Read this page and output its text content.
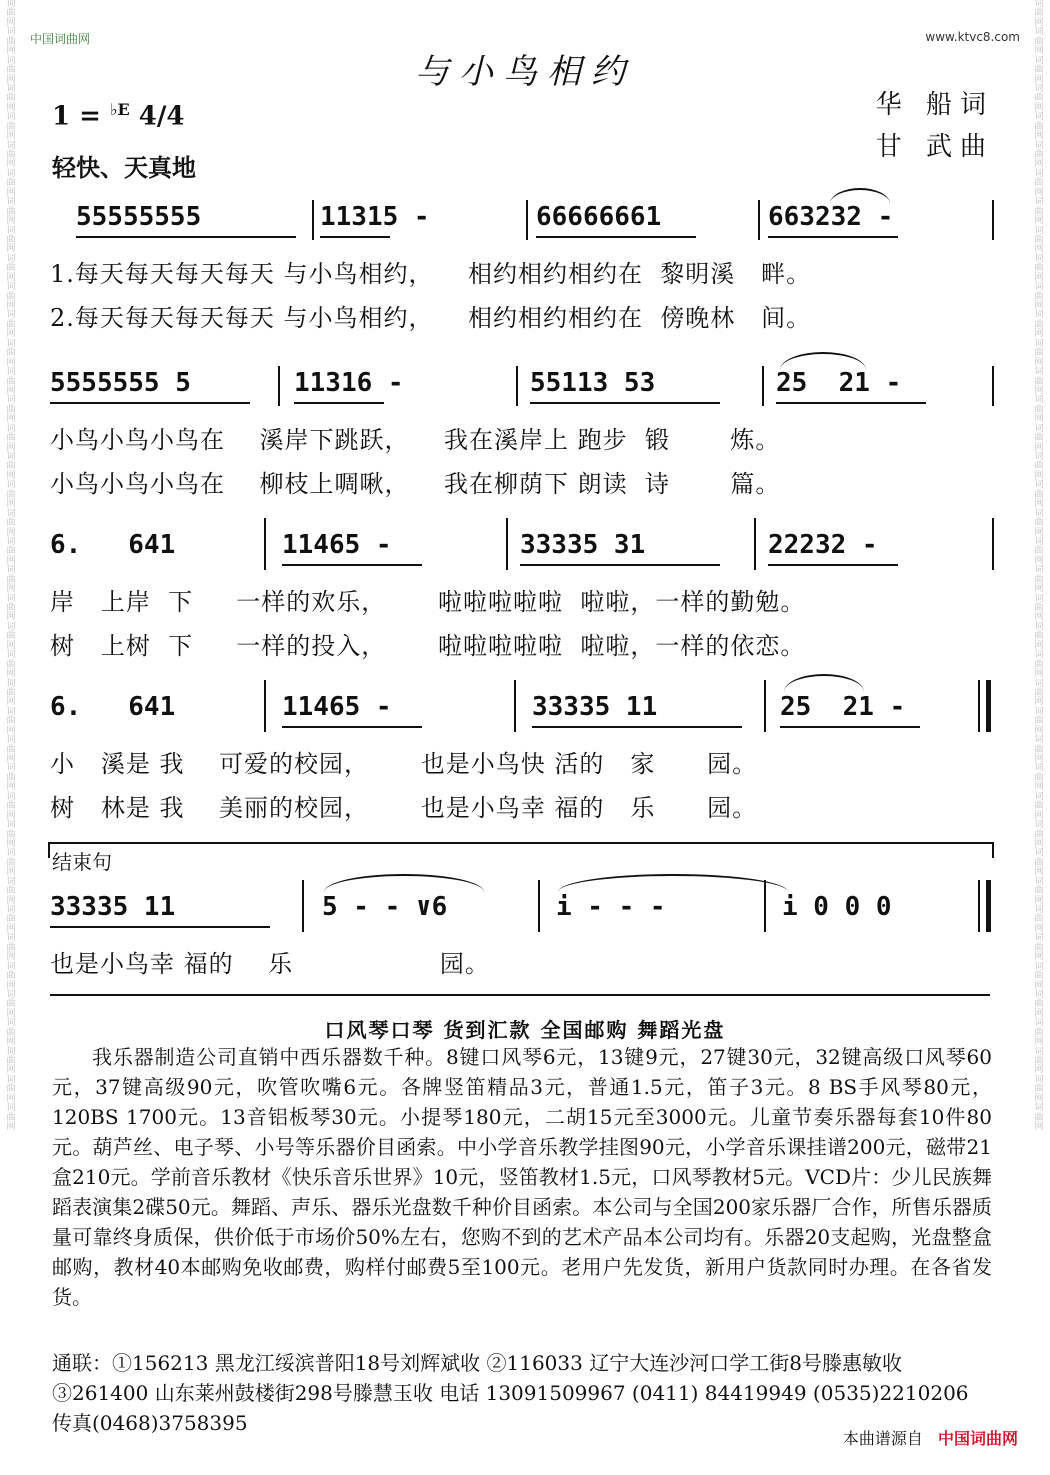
词
曲
网
词
曲
网
词
曲
网
词
曲
网
词
曲
网
词
曲
网
词
曲
网
词
曲
网
词
曲
网
词
曲
网
词
曲
网
词
曲
网
词
曲
网
词
曲
网
词
曲
网
词
曲
网
词
曲
网
词
曲
网
词
曲
网
词
曲
网
词
曲
网
词
曲
网
词
曲
网
词
曲
网
词
曲
网
词
曲
网
词
曲
网
词
曲
网
词
曲
网
词
曲
网
词
曲
网
词
曲
网
词
曲
网
词
曲
网
词
曲
网
词
曲
网
词
曲
网
词
曲
网
词
曲
网
词
曲
网
词
曲
网
词
曲
网
词
曲
网
词
曲
网
词
曲
网
词
曲
网
词
曲
网
词
曲
网
词
曲
网
词
曲
网
词
曲
网
词
曲
网
词
曲
网
词
曲
网
词
曲
网
词
曲
网
词
曲
网
词
曲
网
词
曲
网
词
曲
网
词
曲
网
词
曲
网
词
曲
网
词
曲
网
词
曲
网
词
曲
网
词
曲
网
词
曲
网
词
曲
网
词
曲
网
词
曲
网
词
曲
网
词
曲
网
词
曲
网
词
曲
网
词
曲
网
词
曲
网
词
曲
网
词
曲
网
词
曲
网
中国词曲网	www.ktvc8.com
与小鸟相约
1 = $^{♭E}$ 4/4
轻快、天真地
华 船词
甘 武曲
55555555	11315 -	66666661	663232 -
1.每天每天每天每天 与小鸟相约，    相约相约相约在  黎明溪   畔。
2.每天每天每天每天 与小鸟相约，    相约相约相约在  傍晚林   间。
5555555 5	11316 -	55113 53	25  21 -
小鸟小鸟小鸟在    溪岸下跳跃，    我在溪岸上 跑步  锻       炼。
小鸟小鸟小鸟在    柳枝上啁啾，    我在柳荫下 朗读  诗       篇。
6.   641	11465 -	33335 31	22232 -
岸   上岸  下     一样的欢乐，      啦啦啦啦啦  啦啦，一样的勤勉。
树   上树  下     一样的投入，      啦啦啦啦啦  啦啦，一样的依恋。
6.   641	11465 -	33335 11	25  21 -
小   溪是 我    可爱的校园，      也是小鸟快 活的   家      园。
树   林是 我    美丽的校园，      也是小鸟幸 福的   乐      园。
结束句
33335 11	5 - - ∨6	i - - -	i 0 0 0
也是小鸟幸 福的    乐                 园。
口风琴口琴 货到汇款 全国邮购 舞蹈光盘
我乐器制造公司直销中西乐器数千种。8键口风琴6元，13键9元，27键30元，32键高级口风琴60元，37键高级90元，吹管吹嘴6元。各牌竖笛精品3元，普通1.5元，笛子3元。8 BS手风琴80元，120BS 1700元。13音铝板琴30元。小提琴180元，二胡15元至3000元。儿童节奏乐器每套10件80元。葫芦丝、电子琴、小号等乐器价目函索。中小学音乐教学挂图90元，小学音乐课挂谱200元，磁带21盒210元。学前音乐教材《快乐音乐世界》10元，竖笛教材1.5元，口风琴教材5元。VCD片：少儿民族舞蹈表演集2碟50元。舞蹈、声乐、器乐光盘数千种价目函索。本公司与全国200家乐器厂合作，所售乐器质量可靠终身质保，供价低于市场价50%左右，您购不到的艺术产品本公司均有。乐器20支起购，光盘整盒邮购，教材40本邮购免收邮费，购样付邮费5至100元。老用户先发货，新用户货款同时办理。在各省发货。
通联：①156213 黑龙江绥滨普阳18号刘辉斌收 ②116033 辽宁大连沙河口学工街8号滕惠敏收 ③261400 山东莱州鼓楼街298号滕慧玉收 电话 13091509967 (0411) 84419949 (0535)2210206 传真(0468)3758395
本曲谱源自 中国词曲网
